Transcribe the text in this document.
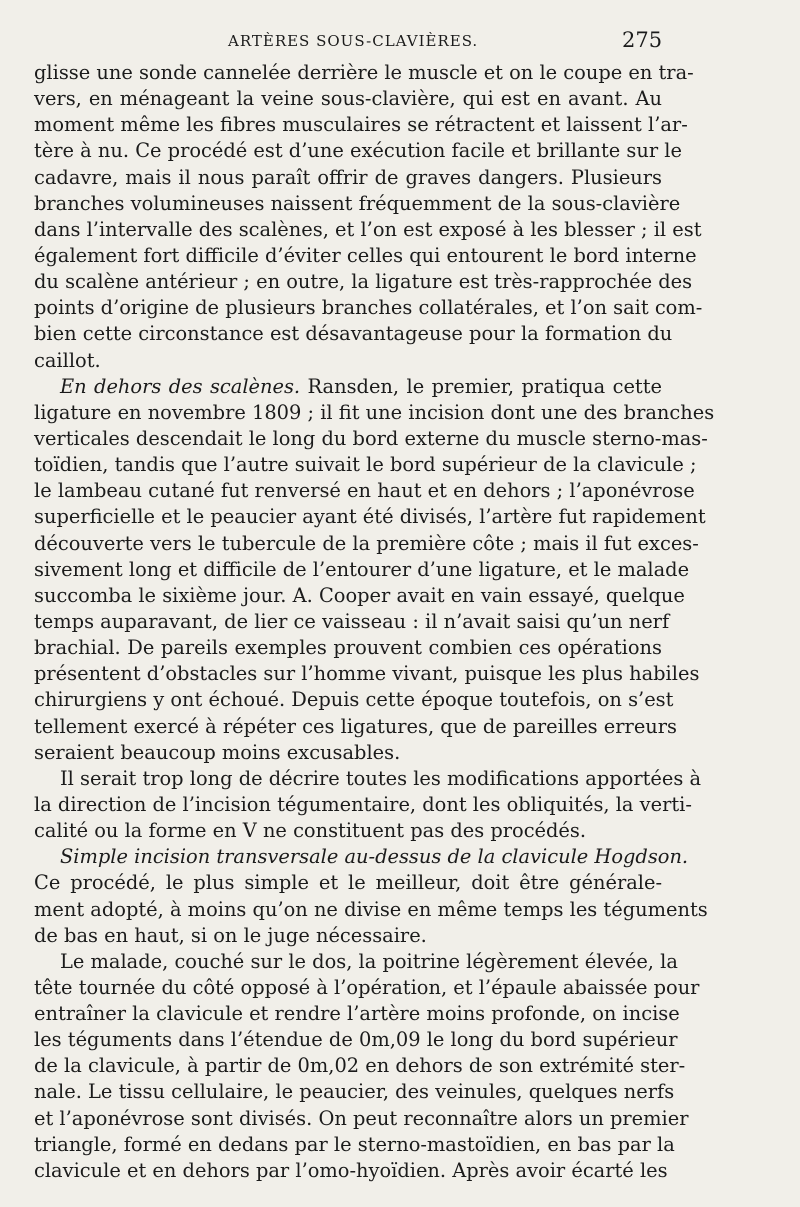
ARTÈRES SOUS-CLAVIÈRES.	275
glisse une sonde cannelée derrière le muscle et on le coupe en tra-
vers, en ménageant la veine sous-clavière, qui est en avant. Au
moment même les fibres musculaires se rétractent et laissent l’ar-
tère à nu. Ce procédé est d’une exécution facile et brillante sur le
cadavre, mais il nous paraît offrir de graves dangers. Plusieurs
branches volumineuses naissent fréquemment de la sous-clavière
dans l’intervalle des scalènes, et l’on est exposé à les blesser ; il est
également fort difficile d’éviter celles qui entourent le bord interne
du scalène antérieur ; en outre, la ligature est très-rapprochée des
points d’origine de plusieurs branches collatérales, et l’on sait com-
bien cette circonstance est désavantageuse pour la formation du
caillot.
En dehors des scalènes. Ransden, le premier, pratiqua cette
ligature en novembre 1809 ; il fit une incision dont une des branches
verticales descendait le long du bord externe du muscle sterno-mas-
toïdien, tandis que l’autre suivait le bord supérieur de la clavicule ;
le lambeau cutané fut renversé en haut et en dehors ; l’aponévrose
superficielle et le peaucier ayant été divisés, l’artère fut rapidement
découverte vers le tubercule de la première côte ; mais il fut exces-
sivement long et difficile de l’entourer d’une ligature, et le malade
succomba le sixième jour. A. Cooper avait en vain essayé, quelque
temps auparavant, de lier ce vaisseau : il n’avait saisi qu’un nerf
brachial. De pareils exemples prouvent combien ces opérations
présentent d’obstacles sur l’homme vivant, puisque les plus habiles
chirurgiens y ont échoué. Depuis cette époque toutefois, on s’est
tellement exercé à répéter ces ligatures, que de pareilles erreurs
seraient beaucoup moins excusables.
Il serait trop long de décrire toutes les modifications apportées à
la direction de l’incision tégumentaire, dont les obliquités, la verti-
calité ou la forme en V ne constituent pas des procédés.
Simple incision transversale au-dessus de la clavicule Hogdson.
Ce procédé, le plus simple et le meilleur, doit être générale-
ment adopté, à moins qu’on ne divise en même temps les téguments
de bas en haut, si on le juge nécessaire.
Le malade, couché sur le dos, la poitrine légèrement élevée, la
tête tournée du côté opposé à l’opération, et l’épaule abaissée pour
entraîner la clavicule et rendre l’artère moins profonde, on incise
les téguments dans l’étendue de 0m,09 le long du bord supérieur
de la clavicule, à partir de 0m,02 en dehors de son extrémité ster-
nale. Le tissu cellulaire, le peaucier, des veinules, quelques nerfs
et l’aponévrose sont divisés. On peut reconnaître alors un premier
triangle, formé en dedans par le sterno-mastoïdien, en bas par la
clavicule et en dehors par l’omo-hyoïdien. Après avoir écarté les
